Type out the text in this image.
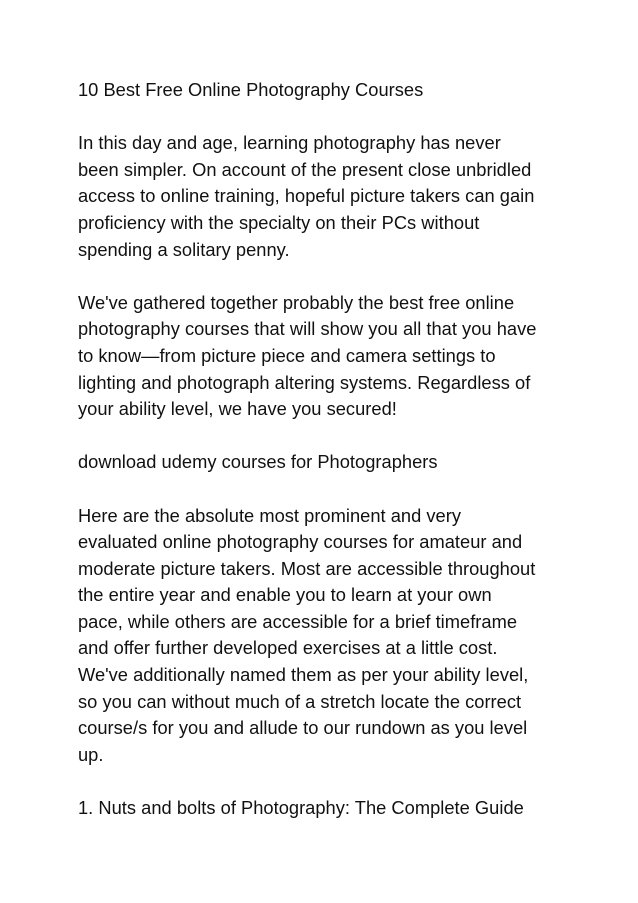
10 Best Free Online Photography Courses

In this day and age, learning photography has never
been simpler. On account of the present close unbridled
access to online training, hopeful picture takers can gain
proficiency with the specialty on their PCs without
spending a solitary penny.

We've gathered together probably the best free online
photography courses that will show you all that you have
to know—from picture piece and camera settings to
lighting and photograph altering systems. Regardless of
your ability level, we have you secured!

download udemy courses for Photographers

Here are the absolute most prominent and very
evaluated online photography courses for amateur and
moderate picture takers. Most are accessible throughout
the entire year and enable you to learn at your own
pace, while others are accessible for a brief timeframe
and offer further developed exercises at a little cost.
We've additionally named them as per your ability level,
so you can without much of a stretch locate the correct
course/s for you and allude to our rundown as you level
up.

1. Nuts and bolts of Photography: The Complete Guide
